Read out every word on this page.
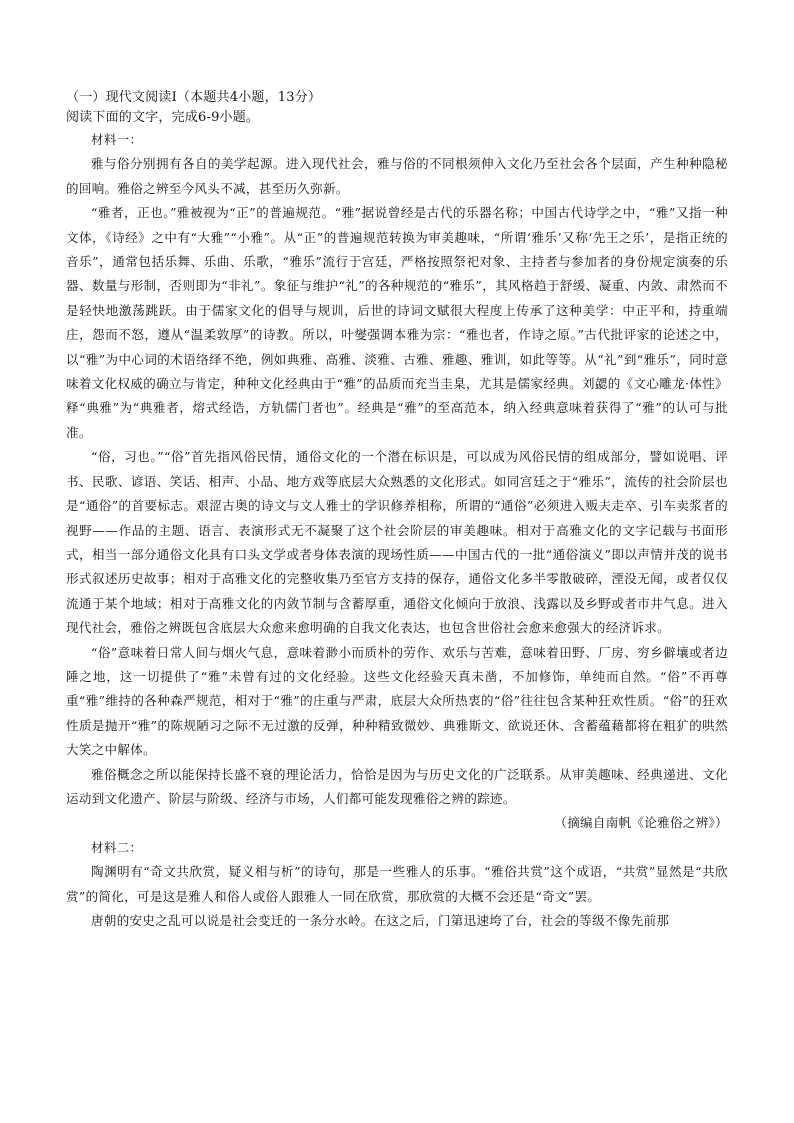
（一）现代文阅读Ⅰ（本题共4小题，13分）

阅读下面的文字，完成6-9小题。

材料一：

雅与俗分别拥有各自的美学起源。进入现代社会，雅与俗的不同根须伸入文化乃至社会各个层面，产生种种隐秘的回响。雅俗之辨至今风头不减，甚至历久弥新。

“雅者，正也。”雅被视为“正”的普遍规范。“雅”据说曾经是古代的乐器名称；中国古代诗学之中，“雅”又指一种文体，《诗经》之中有“大雅”“小雅”。从“正”的普遍规范转换为审美趣味，“所谓‘雅乐’又称‘先王之乐’，是指正统的音乐”，通常包括乐舞、乐曲、乐歌，“雅乐”流行于宫廷，严格按照祭祀对象、主持者与参加者的身份规定演奏的乐器、数量与形制，否则即为“非礼”。象征与维护“礼”的各种规范的“雅乐”，其风格趋于舒缓、凝重、内敛、肃然而不是轻快地激荡跳跃。由于儒家文化的倡导与规训，后世的诗词文赋很大程度上传承了这种美学：中正平和，持重端庄，怨而不怒，遵从“温柔敦厚”的诗教。所以，叶燮强调本雅为宗：“雅也者，作诗之原。”古代批评家的论述之中，以“雅”为中心词的术语络绎不绝，例如典雅、高雅、淡雅、古雅、雅趣、雅训，如此等等。从“礼”到“雅乐”，同时意味着文化权威的确立与肯定，种种文化经典由于“雅”的品质而充当圭臬，尤其是儒家经典。刘勰的《文心雕龙·体性》释“典雅”为“典雅者，熔式经诰，方轨儒门者也”。经典是“雅”的至高范本，纳入经典意味着获得了“雅”的认可与批准。

“俗，习也。”“俗”首先指风俗民情，通俗文化的一个潜在标识是，可以成为风俗民情的组成部分，譬如说唱、评书、民歌、谚语、笑话、相声、小品、地方戏等底层大众熟悉的文化形式。如同宫廷之于“雅乐”，流传的社会阶层也是“通俗”的首要标志。艰涩古奥的诗文与文人雅士的学识修养相称，所谓的“通俗”必须进入贩夫走卒、引车卖浆者的视野——作品的主题、语言、表演形式无不凝聚了这个社会阶层的审美趣味。相对于高雅文化的文字记载与书面形式，相当一部分通俗文化具有口头文学或者身体表演的现场性质——中国古代的一批“通俗演义”即以声情并茂的说书形式叙述历史故事；相对于高雅文化的完整收集乃至官方支持的保存，通俗文化多半零散破碎，湮没无闻，或者仅仅流通于某个地域；相对于高雅文化的内敛节制与含蓄厚重，通俗文化倾向于放浪、浅露以及乡野或者市井气息。进入现代社会，雅俗之辨既包含底层大众愈来愈明确的自我文化表达，也包含世俗社会愈来愈强大的经济诉求。

“俗”意味着日常人间与烟火气息，意味着渺小而质朴的劳作、欢乐与苦难，意味着田野、厂房、穷乡僻壤或者边陲之地，这一切提供了“雅”未曾有过的文化经验。这些文化经验天真未凿，不加修饰，单纯而自然。“俗”不再尊重“雅”维持的各种森严规范，相对于“雅”的庄重与严肃，底层大众所热衷的“俗”往往包含某种狂欢性质。“俗”的狂欢性质是抛开“雅”的陈规陋习之际不无过激的反弹，种种精致微妙、典雅斯文、欲说还休、含蓄蕴藉都将在粗犷的哄然大笑之中解体。

雅俗概念之所以能保持长盛不衰的理论活力，恰恰是因为与历史文化的广泛联系。从审美趣味、经典递进、文化运动到文化遗产、阶层与阶级、经济与市场，人们都可能发现雅俗之辨的踪迹。

（摘编自南帆《论雅俗之辨》）

材料二：

陶渊明有“奇文共欣赏，疑义相与析”的诗句，那是一些雅人的乐事。“雅俗共赏”这个成语，“共赏”显然是“共欣赏”的简化，可是这是雅人和俗人或俗人跟雅人一同在欣赏，那欣赏的大概不会还是“奇文”罢。

唐朝的安史之乱可以说是社会变迁的一条分水岭。在这之后，门第迅速垮了台，社会的等级不像先前那
